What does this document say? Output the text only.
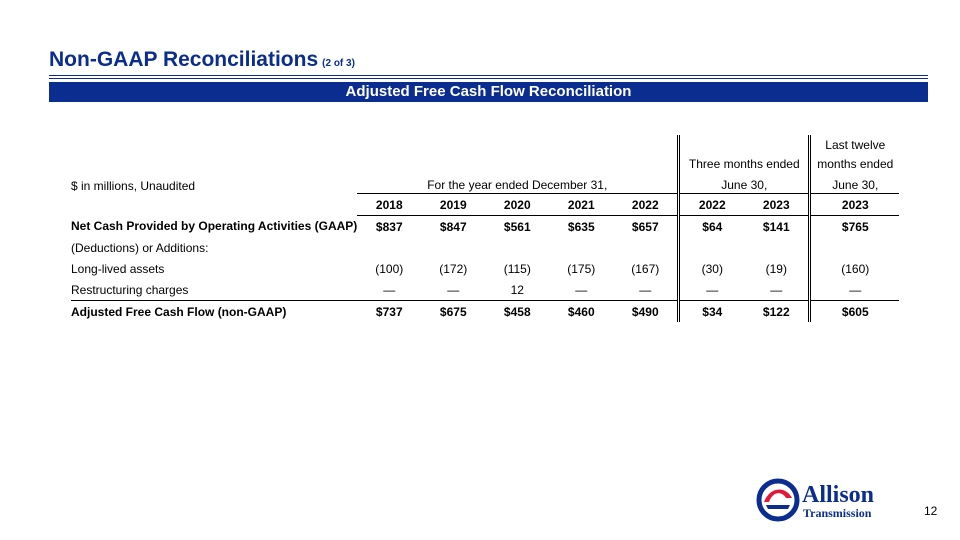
Non-GAAP Reconciliations (2 of 3)
Adjusted Free Cash Flow Reconciliation
								Last twelve
						Three months ended		months ended
$ in millions, Unaudited	For the year ended December 31,					June 30,		June 30,
	2018	2019	2020	2021	2022	2022	2023	2023
Net Cash Provided by Operating Activities (GAAP)	$837	$847	$561	$635	$657	$64	$141	$765
(Deductions) or Additions:								
Long-lived assets	(100)	(172)	(115)	(175)	(167)	(30)	(19)	(160)
Restructuring charges	—	—	12	—	—	—	—	—
Adjusted Free Cash Flow (non-GAAP)	$737	$675	$458	$460	$490	$34	$122	$605
Allison
Transmission	12
